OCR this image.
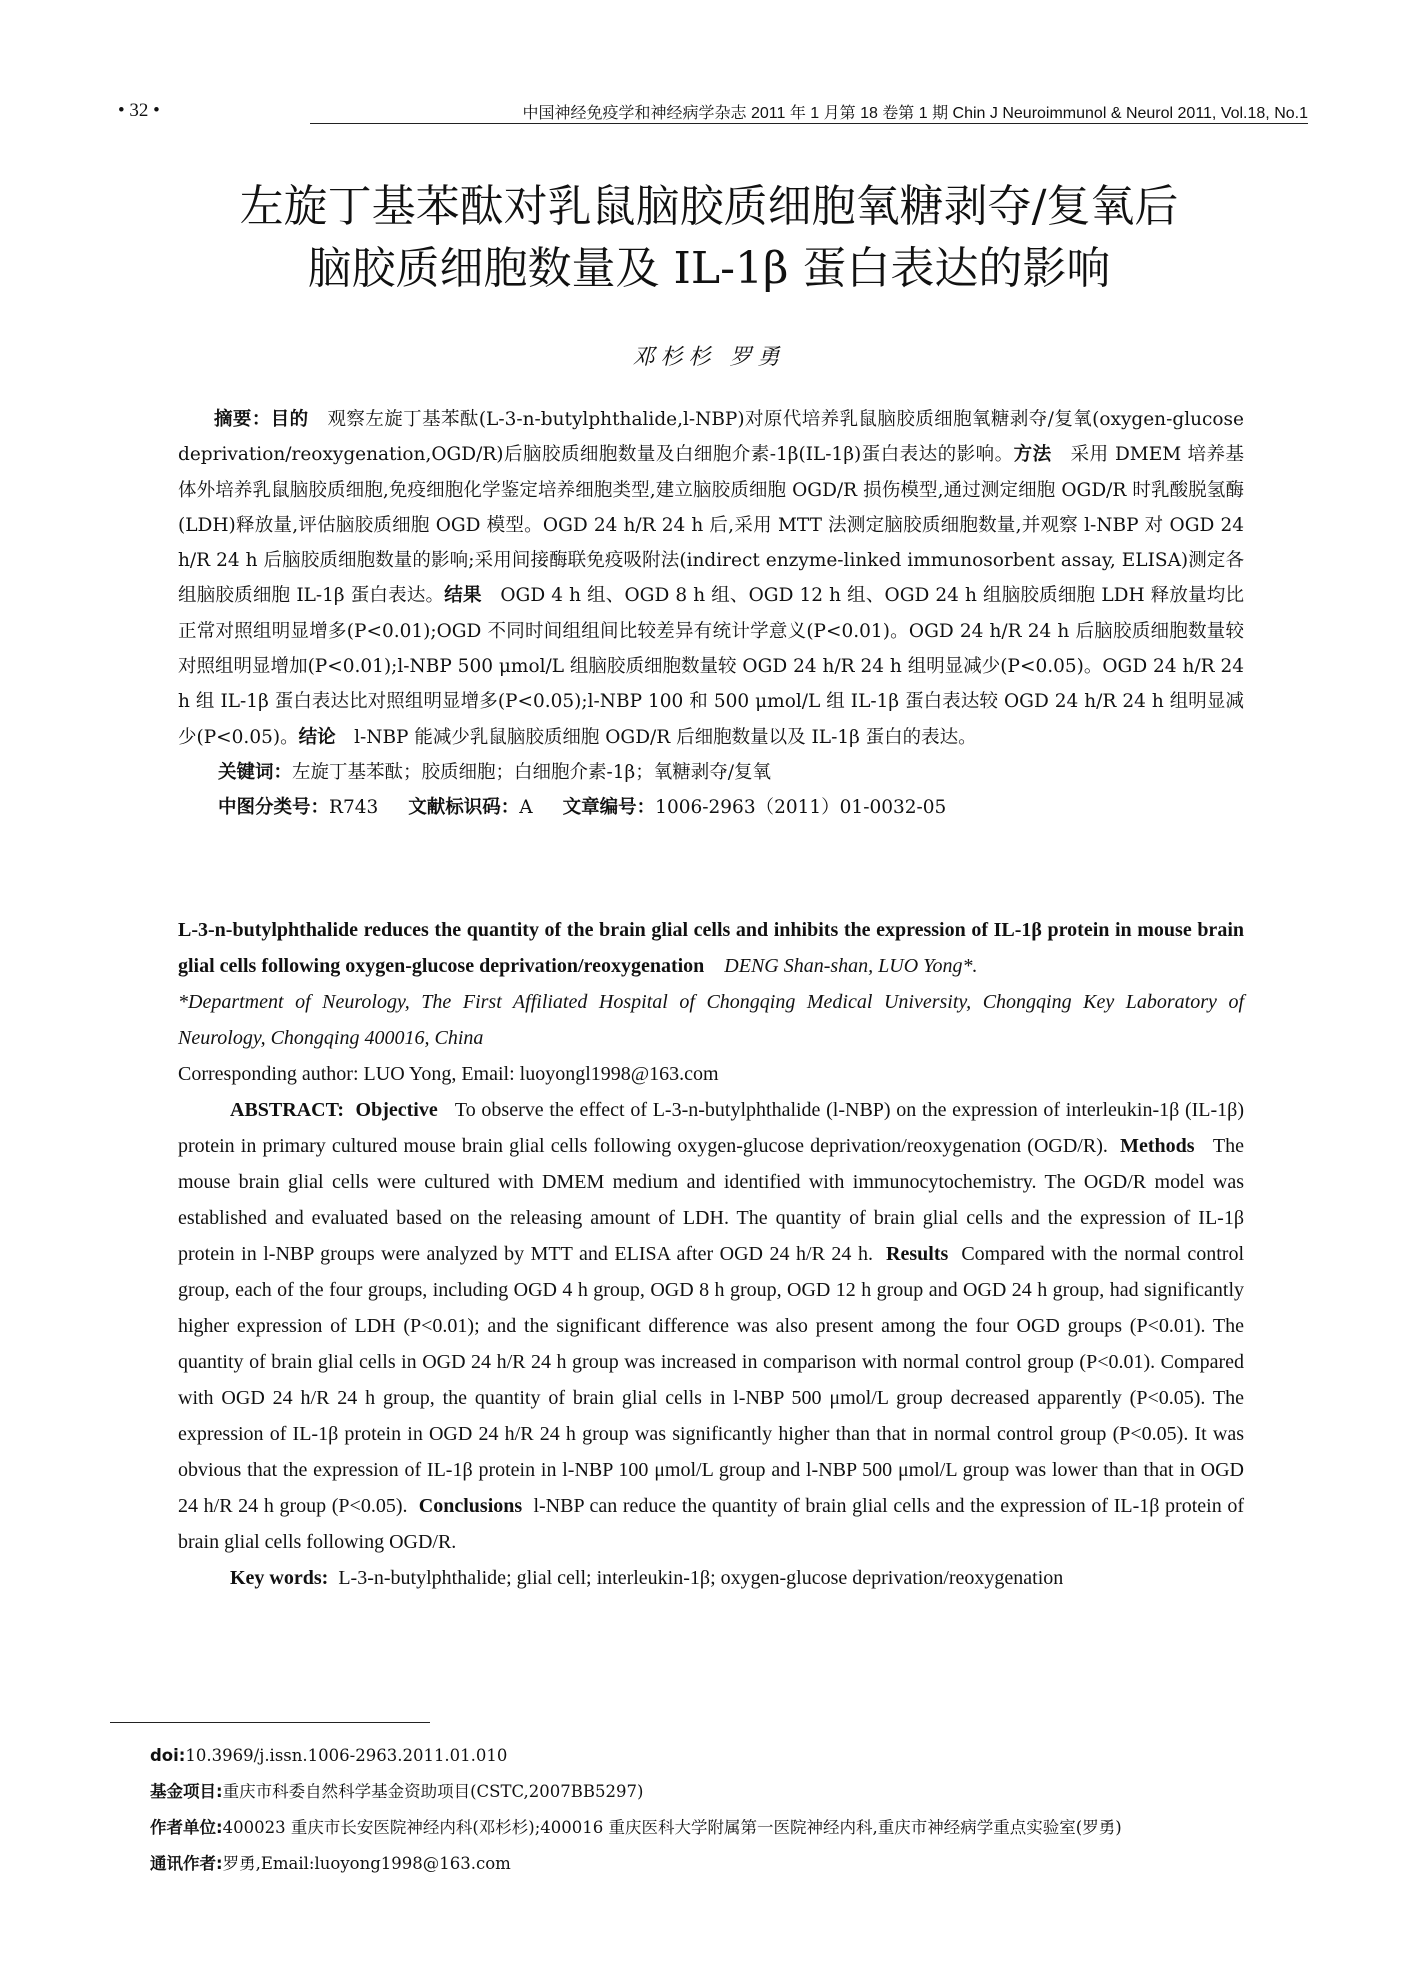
• 32 •	中国神经免疫学和神经病学杂志 2011 年 1 月第 18 卷第 1 期 Chin J Neuroimmunol & Neurol 2011, Vol.18, No.1
左旋丁基苯酞对乳鼠脑胶质细胞氧糖剥夺/复氧后
脑胶质细胞数量及 IL-1β 蛋白表达的影响
邓杉杉 罗勇

摘要：目的　 观察左旋丁基苯酞(L-3-n-butylphthalide,l-NBP)对原代培养乳鼠脑胶质细胞氧糖剥夺/复氧(oxygen-glucose deprivation/reoxygenation,OGD/R)后脑胶质细胞数量及白细胞介素-1β(IL-1β)蛋白表达的影响。方法　 采用 DMEM 培养基体外培养乳鼠脑胶质细胞,免疫细胞化学鉴定培养细胞类型,建立脑胶质细胞 OGD/R 损伤模型,通过测定细胞 OGD/R 时乳酸脱氢酶(LDH)释放量,评估脑胶质细胞 OGD 模型。OGD 24 h/R 24 h 后,采用 MTT 法测定脑胶质细胞数量,并观察 l-NBP 对 OGD 24 h/R 24 h 后脑胶质细胞数量的影响;采用间接酶联免疫吸附法(indirect enzyme-linked immunosorbent assay, ELISA)测定各组脑胶质细胞 IL-1β 蛋白表达。结果　 OGD 4 h 组、OGD 8 h 组、OGD 12 h 组、OGD 24 h 组脑胶质细胞 LDH 释放量均比正常对照组明显增多(P<0.01);OGD 不同时间组组间比较差异有统计学意义(P<0.01)。OGD 24 h/R 24 h 后脑胶质细胞数量较对照组明显增加(P<0.01);l-NBP 500 μmol/L 组脑胶质细胞数量较 OGD 24 h/R 24 h 组明显减少(P<0.05)。OGD 24 h/R 24 h 组 IL-1β 蛋白表达比对照组明显增多(P<0.05);l-NBP 100 和 500 μmol/L 组 IL-1β 蛋白表达较 OGD 24 h/R 24 h 组明显减少(P<0.05)。结论　 l-NBP 能减少乳鼠脑胶质细胞 OGD/R 后细胞数量以及 IL-1β 蛋白的表达。

关键词：左旋丁基苯酞；胶质细胞；白细胞介素-1β；氧糖剥夺/复氧

中图分类号：R743 文献标识码：A 文章编号：1006-2963（2011）01-0032-05

L-3-n-butylphthalide reduces the quantity of the brain glial cells and inhibits the expression of IL-1β protein in mouse brain glial cells following oxygen-glucose deprivation/reoxygenation DENG Shan-shan, LUO Yong*.

*Department of Neurology, The First Affiliated Hospital of Chongqing Medical University, Chongqing Key Laboratory of Neurology, Chongqing 400016, China

Corresponding author: LUO Yong, Email: luoyongl1998@163.com

ABSTRACT: Objective To observe the effect of L-3-n-butylphthalide (l-NBP) on the expression of interleukin-1β (IL-1β) protein in primary cultured mouse brain glial cells following oxygen-glucose deprivation/reoxygenation (OGD/R). Methods The mouse brain glial cells were cultured with DMEM medium and identified with immunocytochemistry. The OGD/R model was established and evaluated based on the releasing amount of LDH. The quantity of brain glial cells and the expression of IL-1β protein in l-NBP groups were analyzed by MTT and ELISA after OGD 24 h/R 24 h. Results Compared with the normal control group, each of the four groups, including OGD 4 h group, OGD 8 h group, OGD 12 h group and OGD 24 h group, had significantly higher expression of LDH (P<0.01); and the significant difference was also present among the four OGD groups (P<0.01). The quantity of brain glial cells in OGD 24 h/R 24 h group was increased in comparison with normal control group (P<0.01). Compared with OGD 24 h/R 24 h group, the quantity of brain glial cells in l-NBP 500 μmol/L group decreased apparently (P<0.05). The expression of IL-1β protein in OGD 24 h/R 24 h group was significantly higher than that in normal control group (P<0.05). It was obvious that the expression of IL-1β protein in l-NBP 100 μmol/L group and l-NBP 500 μmol/L group was lower than that in OGD 24 h/R 24 h group (P<0.05). Conclusions l-NBP can reduce the quantity of brain glial cells and the expression of IL-1β protein of brain glial cells following OGD/R.

Key words: L-3-n-butylphthalide; glial cell; interleukin-1β; oxygen-glucose deprivation/reoxygenation

doi:10.3969/j.issn.1006-2963.2011.01.010

基金项目:重庆市科委自然科学基金资助项目(CSTC,2007BB5297)

作者单位:400023 重庆市长安医院神经内科(邓杉杉);400016 重庆医科大学附属第一医院神经内科,重庆市神经病学重点实验室(罗勇)

通讯作者:罗勇,Email:luoyong1998@163.com
